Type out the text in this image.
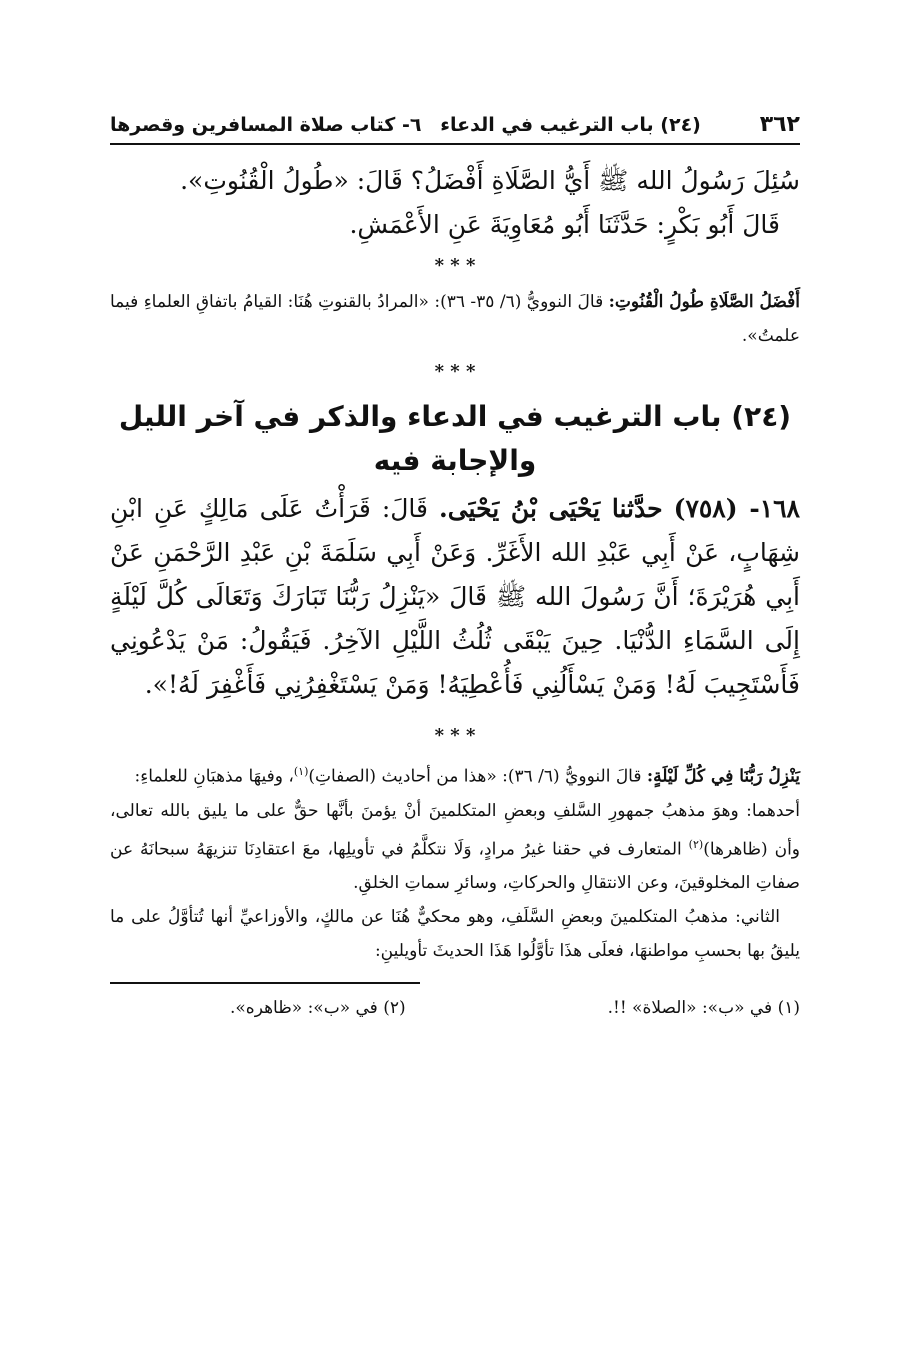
٣٦٢
(٢٤) باب الترغيب في الدعاء
٦- كتاب صلاة المسافرين وقصرها

سُئِلَ رَسُولُ الله ﷺ أَيُّ الصَّلَاةِ أَفْضَلُ؟ قَالَ: «طُولُ الْقُنُوتِ».

قَالَ أَبُو بَكْرٍ: حَدَّثَنَا أَبُو مُعَاوِيَةَ عَنِ الأَعْمَشِ.

* * *

أَفْضَلُ الصَّلَاةِ طُولُ الْقُنُوتِ: قالَ النوويُّ (٦/ ٣٥- ٣٦): «المرادُ بالقنوتِ هُنَا: القيامُ باتفاقِ العلماءِ فيما علمتُ».

* * *
(٢٤) باب الترغيب في الدعاء والذكر في آخر الليل
والإجابة فيه

١٦٨- (٧٥٨) حدَّثنا يَحْيَى بْنُ يَحْيَى. قَالَ: قَرَأْتُ عَلَى مَالِكٍ عَنِ ابْنِ شِهَابٍ، عَنْ أَبِي عَبْدِ الله الأَغَرِّ. وَعَنْ أَبِي سَلَمَةَ بْنِ عَبْدِ الرَّحْمَنِ عَنْ أَبِي هُرَيْرَةَ؛ أَنَّ رَسُولَ الله ﷺ قَالَ «يَنْزِلُ رَبُّنَا تَبَارَكَ وَتَعَالَى كُلَّ لَيْلَةٍ إِلَى السَّمَاءِ الدُّنْيَا. حِينَ يَبْقَى ثُلُثُ اللَّيْلِ الآخِرُ. فَيَقُولُ: مَنْ يَدْعُونِي فَأَسْتَجِيبَ لَهُ! وَمَنْ يَسْأَلُنِي فَأُعْطِيَهُ! وَمَنْ يَسْتَغْفِرُنِي فَأَغْفِرَ لَهُ!».

* * *

يَنْزِلُ رَبُّنَا فِي كُلِّ لَيْلَةٍ: قالَ النوويُّ (٦/ ٣٦): «هذا من أحاديث (الصفاتِ)$^{(١)}$، وفيهَا مذهبَانِ للعلماءِ:

أحدهما: وهوَ مذهبُ جمهورِ السَّلفِ وبعضِ المتكلمينَ أنْ يؤمنَ بأنَّها حقٌّ على ما يليق بالله تعالى، وأن (ظاهرها)$^{(٢)}$ المتعارف في حقنا غيرُ مرادٍ، وَلَا نتكلَّمُ في تأويلِها، معَ اعتقادِنَا تنزيهَهُ سبحانَهُ عن صفاتِ المخلوقينَ، وعن الانتقالِ والحركاتِ، وسائرِ سماتِ الخلقِ.

الثاني: مذهبُ المتكلمينَ وبعضِ السَّلَفِ، وهو محكيٌّ هُنَا عن مالكٍ، والأوزاعيِّ أنها تُتأوَّلُ على ما يليقُ بها بحسبِ مواطنهَا، فعلَى هذَا تأوَّلُوا هَذَا الحديثَ تأويلينِ:

(١) في «ب»: «الصلاة» !!.
(٢) في «ب»: «ظاهره».
